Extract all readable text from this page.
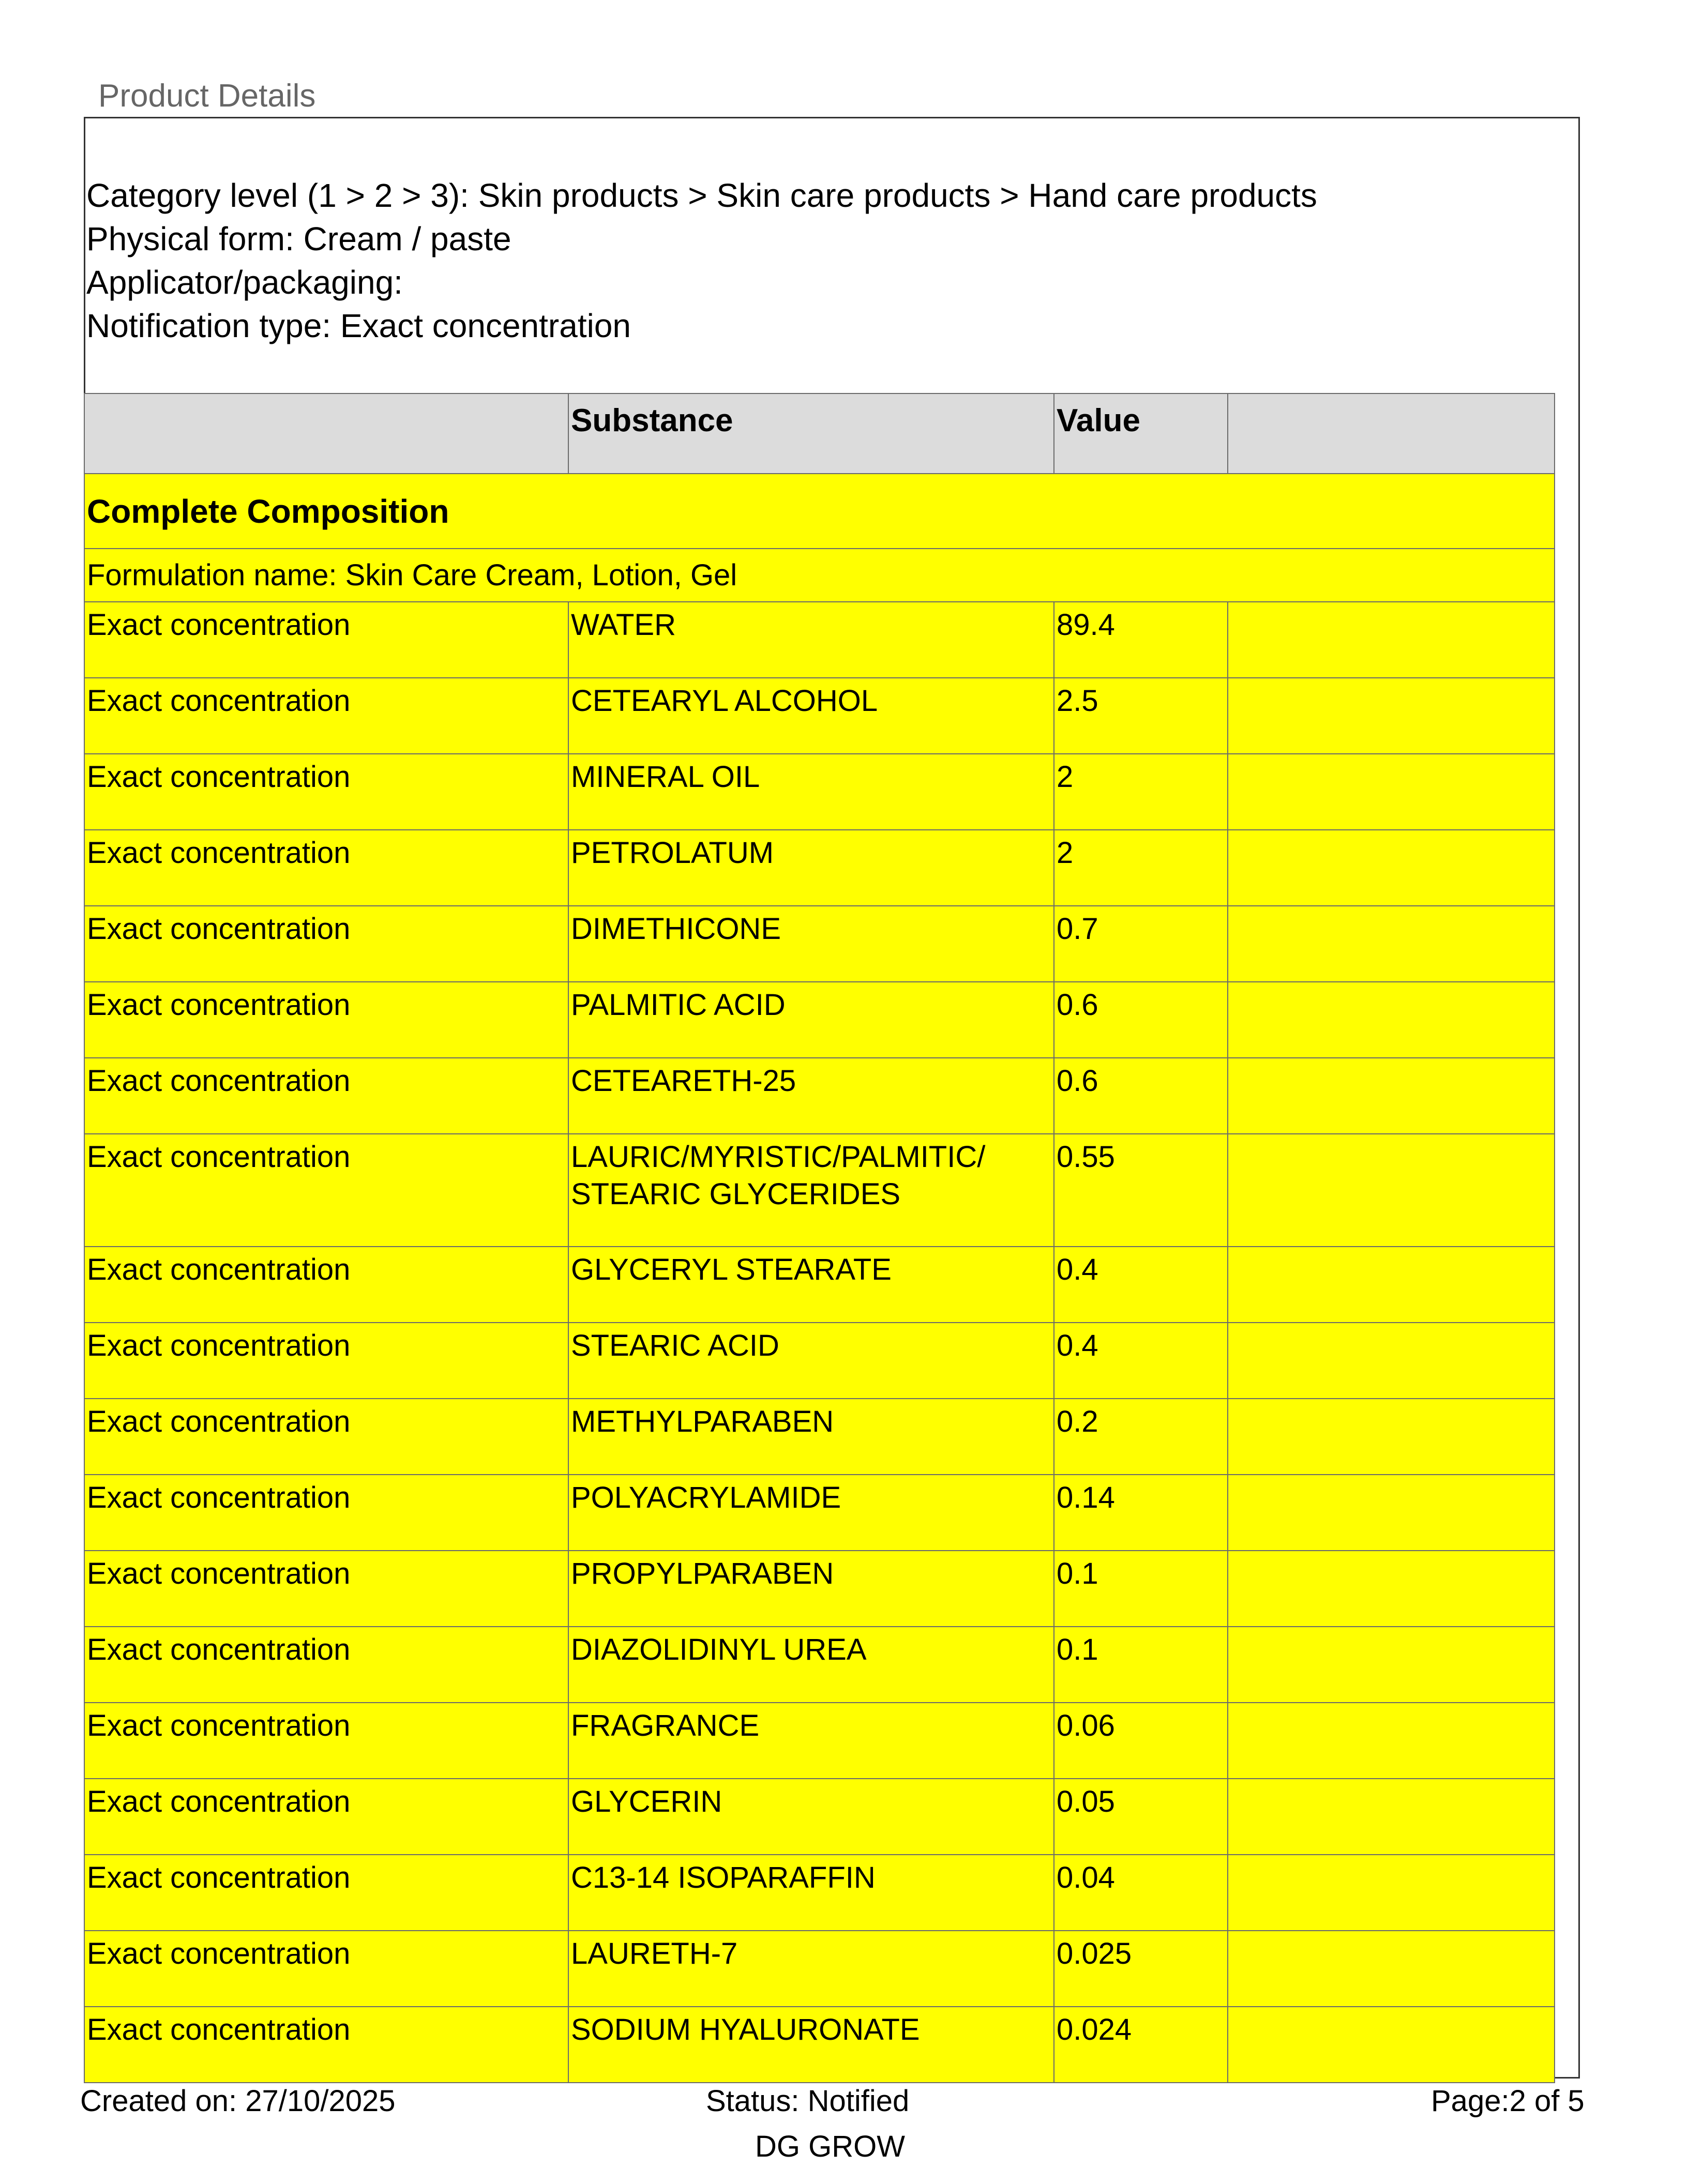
Product Details
Category level (1 > 2 > 3): Skin products > Skin care products > Hand care products
Physical form: Cream / paste
Applicator/packaging:
Notification type: Exact concentration
	Substance	Value	
Complete Composition			
Formulation name: Skin Care Cream, Lotion, Gel			
Exact concentration	WATER	89.4	
Exact concentration	CETEARYL ALCOHOL	2.5	
Exact concentration	MINERAL OIL	2	
Exact concentration	PETROLATUM	2	
Exact concentration	DIMETHICONE	0.7	
Exact concentration	PALMITIC ACID	0.6	
Exact concentration	CETEARETH-25	0.6	
Exact concentration	LAURIC/MYRISTIC/PALMITIC/
STEARIC GLYCERIDES	0.55	
Exact concentration	GLYCERYL STEARATE	0.4	
Exact concentration	STEARIC ACID	0.4	
Exact concentration	METHYLPARABEN	0.2	
Exact concentration	POLYACRYLAMIDE	0.14	
Exact concentration	PROPYLPARABEN	0.1	
Exact concentration	DIAZOLIDINYL UREA	0.1	
Exact concentration	FRAGRANCE	0.06	
Exact concentration	GLYCERIN	0.05	
Exact concentration	C13-14 ISOPARAFFIN	0.04	
Exact concentration	LAURETH-7	0.025	
Exact concentration	SODIUM HYALURONATE	0.024	
Created on: 27/10/2025	Status: Notified	Page:2 of 5
DG GROW
